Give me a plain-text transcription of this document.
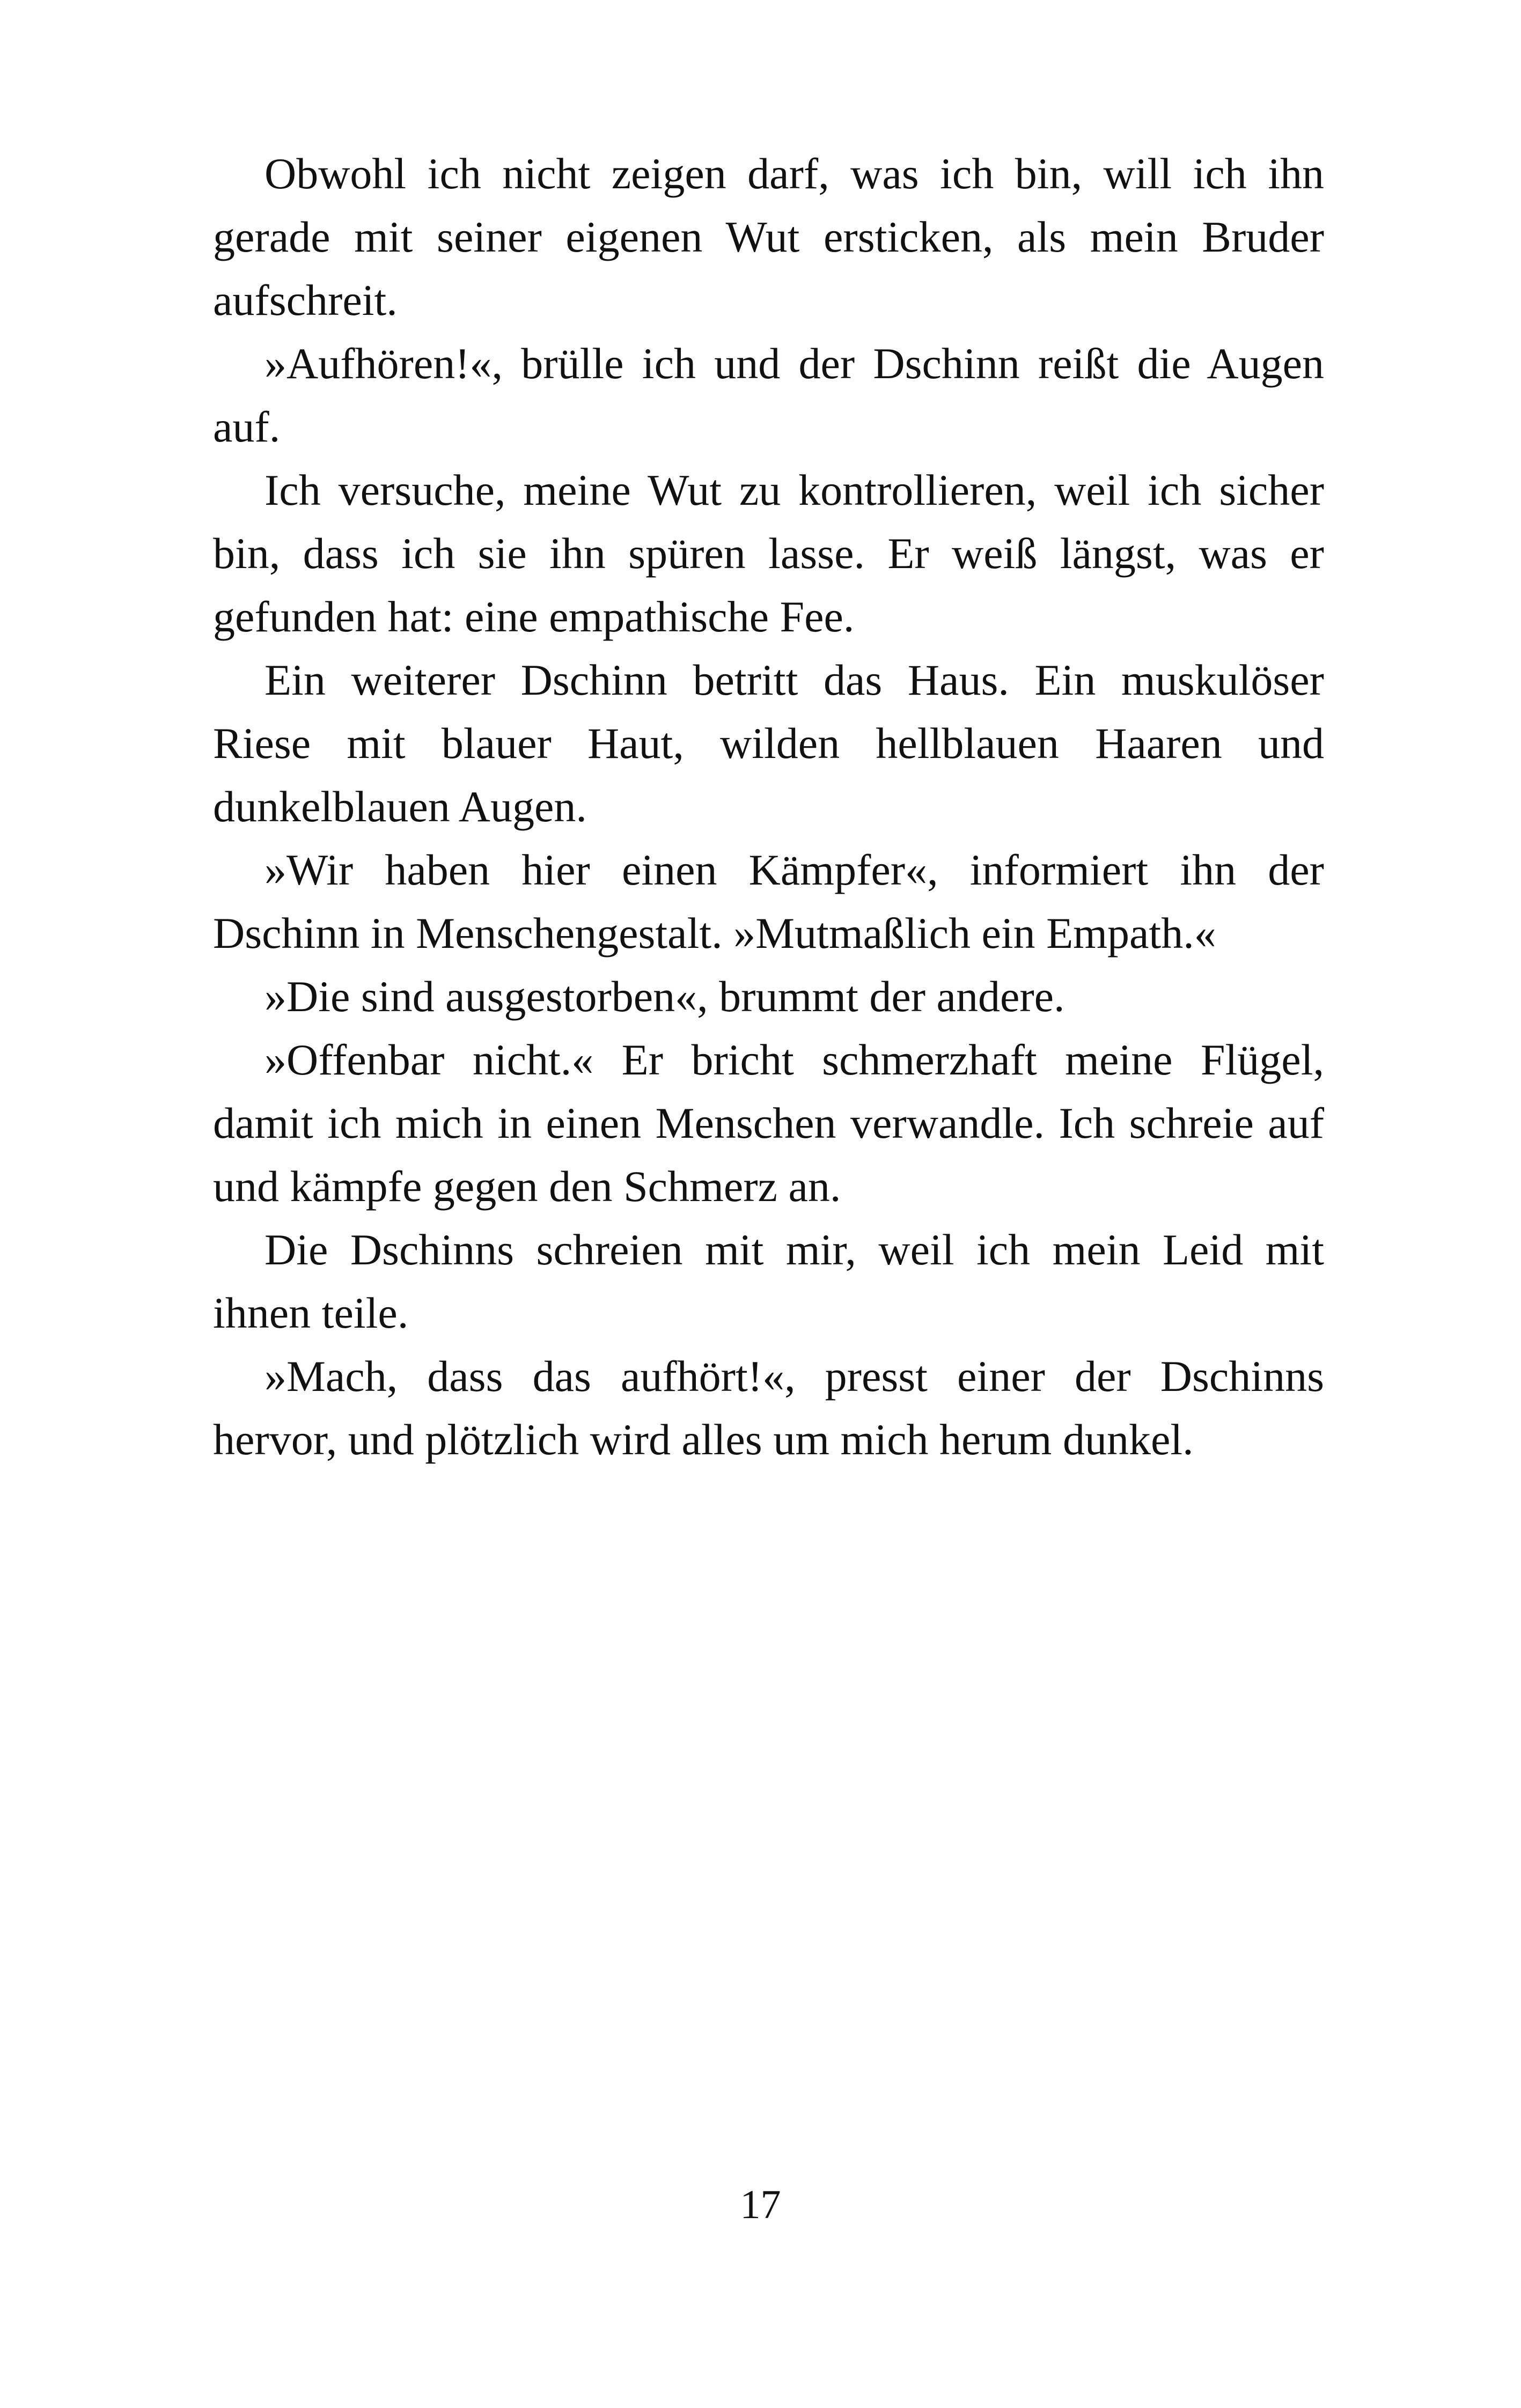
Obwohl ich nicht zeigen darf, was ich bin, will ich ihn gerade mit seiner eigenen Wut ersticken, als mein Bruder aufschreit.

»Aufhören!«, brülle ich und der Dschinn reißt die Augen auf.

Ich versuche, meine Wut zu kontrollieren, weil ich sicher bin, dass ich sie ihn spüren lasse. Er weiß längst, was er gefunden hat: eine empathische Fee.

Ein weiterer Dschinn betritt das Haus. Ein muskulöser Riese mit blauer Haut, wilden hellblauen Haaren und dunkelblauen Augen.

»Wir haben hier einen Kämpfer«, informiert ihn der Dschinn in Menschengestalt. »Mutmaßlich ein Empath.«

»Die sind ausgestorben«, brummt der andere.

»Offenbar nicht.« Er bricht schmerzhaft meine Flügel, damit ich mich in einen Menschen verwandle. Ich schreie auf und kämpfe gegen den Schmerz an.

Die Dschinns schreien mit mir, weil ich mein Leid mit ihnen teile.

»Mach, dass das aufhört!«, presst einer der Dschinns hervor, und plötzlich wird alles um mich herum dunkel.

17
